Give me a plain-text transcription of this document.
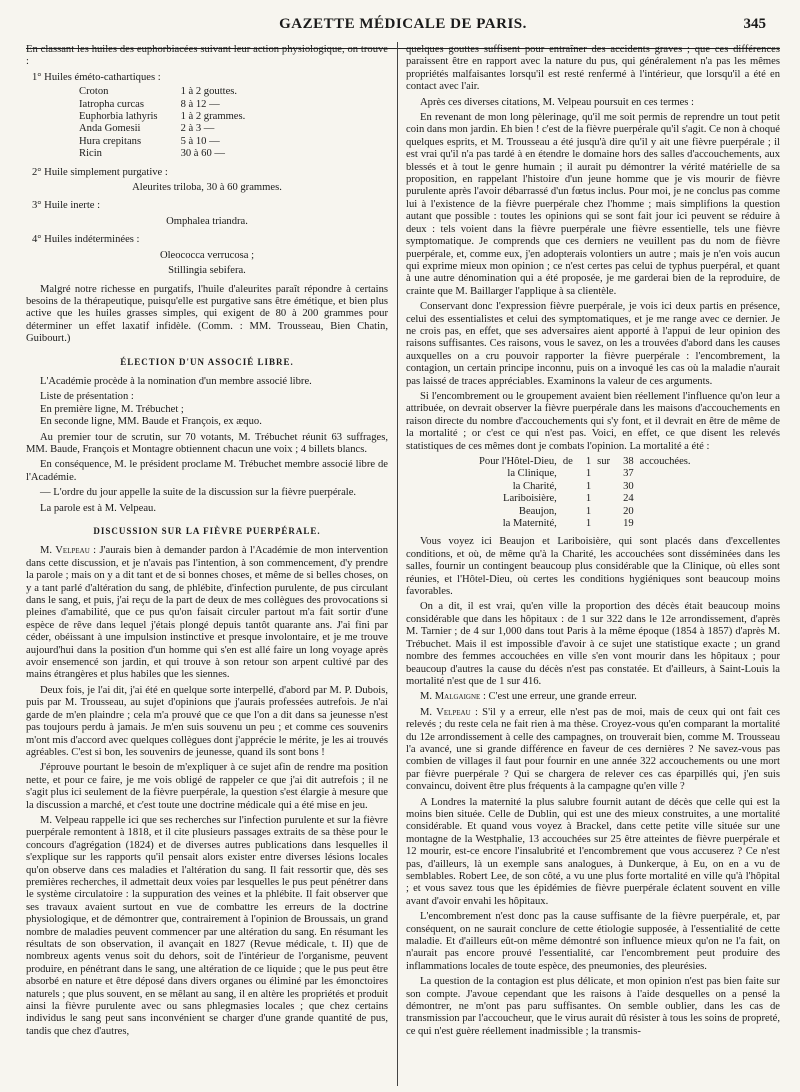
GAZETTE MÉDICALE DE PARIS.	345

En classant les huiles des euphorbiacées suivant leur action physiologique, on trouve :

1° Huiles éméto-cathartiques :

Croton	1 à 2 gouttes.
Iatropha curcas	8 à 12 —
Euphorbia lathyris	1 à 2 grammes.
Anda Gomesii	2 à 3 —
Hura crepitans	5 à 10 —
Ricin	30 à 60 —

2° Huile simplement purgative :

Aleurites triloba, 30 à 60 grammes.

3° Huile inerte :

Omphalea triandra.

4° Huiles indéterminées :

Oleococca verrucosa ;

Stillingia sebifera.

Malgré notre richesse en purgatifs, l'huile d'aleurites paraît répondre à certains besoins de la thérapeutique, puisqu'elle est purgative sans être émétique, et bien plus active que les huiles grasses simples, qui exigent de 80 à 200 grammes pour déterminer un effet laxatif infidèle. (Comm. : MM. Trousseau, Bien Chatin, Guibourt.)

ÉLECTION D'UN ASSOCIÉ LIBRE.

L'Académie procède à la nomination d'un membre associé libre.

Liste de présentation :

En première ligne, M. Trébuchet ;

En seconde ligne, MM. Baude et François, ex æquo.

Au premier tour de scrutin, sur 70 votants, M. Trébuchet réunit 63 suffrages, MM. Baude, François et Montagre obtiennent chacun une voix ; 4 billets blancs.

En conséquence, M. le président proclame M. Trébuchet membre associé libre de l'Académie.

— L'ordre du jour appelle la suite de la discussion sur la fièvre puerpérale.

La parole est à M. Velpeau.

DISCUSSION SUR LA FIÈVRE PUERPÉRALE.

M. Velpeau : J'aurais bien à demander pardon à l'Académie de mon intervention dans cette discussion, et je n'avais pas l'intention, à son commencement, d'y prendre la parole ; mais on y a dit tant et de si bonnes choses, et même de si belles choses, on y a tant parlé d'altération du sang, de phlébite, d'infection purulente, de pus circulant dans le sang, et puis, j'ai reçu de la part de deux de mes collègues des provocations si pleines d'amabilité, que ce pus qu'on faisait circuler partout m'a fait sortir d'une espèce de rêve dans lequel j'étais plongé depuis tantôt quarante ans. J'ai fini par céder, obéissant à une impulsion instinctive et presque involontaire, et je me trouve aujourd'hui dans la position d'un homme qui s'en est allé faire un long voyage après avoir ensemencé son jardin, et qui trouve à son retour son arpent cultivé par des mains étrangères et plus habiles que les siennes.

Deux fois, je l'ai dit, j'ai été en quelque sorte interpellé, d'abord par M. P. Dubois, puis par M. Trousseau, au sujet d'opinions que j'aurais professées autrefois. Je n'ai garde de m'en plaindre ; cela m'a prouvé que ce que l'on a dit dans sa jeunesse n'est pas toujours perdu à jamais. Je m'en suis souvenu un peu ; et comme ces souvenirs m'ont mis d'accord avec quelques collègues dont j'apprécie le mérite, je les ai trouvés agréables. C'est si bon, les souvenirs de jeunesse, quand ils sont bons !

J'éprouve pourtant le besoin de m'expliquer à ce sujet afin de rendre ma position nette, et pour ce faire, je me vois obligé de rappeler ce que j'ai dit autrefois ; il ne s'agit plus ici seulement de la fièvre puerpérale, la question s'est élargie à mesure que la discussion a marché, et c'est toute une doctrine médicale qui a été mise en jeu.

M. Velpeau rappelle ici que ses recherches sur l'infection purulente et sur la fièvre puerpérale remontent à 1818, et il cite plusieurs passages extraits de sa thèse pour le concours d'agrégation (1824) et de diverses autres publications dans lesquelles il s'explique sur les rapports qu'il pensait alors exister entre diverses lésions locales qu'on observe dans ces maladies et l'altération du sang. Il fait ressortir que, dès ses premières recherches, il admettait deux voies par lesquelles le pus peut pénétrer dans le système circulatoire : la suppuration des veines et la phlébite. Il fait observer que ses travaux avaient surtout en vue de combattre les erreurs de la doctrine physiologique, et de démontrer que, contrairement à l'opinion de Broussais, un grand nombre de maladies peuvent commencer par une altération du sang. En résumant les résultats de son observation, il avançait en 1827 (Revue médicale, t. II) que de nombreux agents venus soit du dehors, soit de l'intérieur de l'organisme, peuvent produire, en pénétrant dans le sang, une altération de ce liquide ; que le pus peut être absorbé en nature et être déposé dans divers organes ou éliminé par les émonctoires naturels ; que plus souvent, en se mêlant au sang, il en altère les propriétés et produit ainsi la fièvre purulente avec ou sans phlegmasies locales ; que chez certains individus le sang peut sans inconvénient se charger d'une grande quantité de pus, tandis que chez d'autres,

quelques gouttes suffisent pour entraîner des accidents graves ; que ces différences paraissent être en rapport avec la nature du pus, qui généralement n'a pas les mêmes propriétés malfaisantes lorsqu'il est resté renfermé à l'intérieur, que lorsqu'il a été en contact avec l'air.

Après ces diverses citations, M. Velpeau poursuit en ces termes :

En revenant de mon long pèlerinage, qu'il me soit permis de reprendre un tout petit coin dans mon jardin. Eh bien ! c'est de la fièvre puerpérale qu'il s'agit. Ce non à choqué quelques esprits, et M. Trousseau a été jusqu'à dire qu'il y ait une fièvre puerpérale ; il est vrai qu'il n'a pas tardé à en étendre le domaine hors des salles d'accouchements, aux blessés et à tout le genre humain ; il aurait pu démontrer la vérité matérielle de sa proposition, en rappelant l'histoire d'un jeune homme que je vis mourir de fièvre purulente après l'avoir débarrassé d'un fœtus inclus. Pour moi, je ne conclus pas comme lui à l'existence de la fièvre puerpérale chez l'homme ; mais simplifions la question autant que possible : toutes les opinions qui se sont fait jour ici peuvent se réduire à deux : tels voient dans la fièvre puerpérale une fièvre essentielle, tels une fièvre symptomatique. Je comprends que ces derniers ne veuillent pas du nom de fièvre puerpérale, et, comme eux, j'en adopterais volontiers un autre ; mais je n'en vois aucun qui exprime mieux mon opinion ; ce n'est certes pas celui de typhus puerpéral, et quant à une autre dénomination qui a été proposée, je me garderai bien de la reproduire, de crainte que M. Baillarger l'applique à sa clientèle.

Conservant donc l'expression fièvre puerpérale, je vois ici deux partis en présence, celui des essentialistes et celui des symptomatiques, et je me range avec ce dernier. Je ne crois pas, en effet, que ses adversaires aient apporté à l'appui de leur opinion des raisons suffisantes. Ces raisons, vous le savez, on les a trouvées d'abord dans les causes auxquelles on a cru pouvoir rapporter la fièvre puerpérale : l'encombrement, la contagion, un certain principe inconnu, puis on a invoqué les cas où la maladie n'aurait pas laissé de traces appréciables. Examinons la valeur de ces arguments.

Si l'encombrement ou le groupement avaient bien réellement l'influence qu'on leur a attribuée, on devrait observer la fièvre puerpérale dans les maisons d'accouchements en raison directe du nombre d'accouchements qui s'y font, et il devrait en être de même de la mortalité ; or c'est ce qui n'est pas. Voici, en effet, ce que disent les relevés statistiques de ces mêmes dont je combats l'opinion. La mortalité a été :

Pour l'Hôtel-Dieu,	de	1	sur	38	accouchées.
la Clinique,		1		37	
la Charité,		1		30	
Lariboisière,		1		24	
Beaujon,		1		20	
la Maternité,		1		19	

Vous voyez ici Beaujon et Lariboisière, qui sont placés dans d'excellentes conditions, et où, de même qu'à la Charité, les accouchées sont disséminées dans les salles, fournir un contingent beaucoup plus considérable que la Clinique, où elles sont réunies, et l'Hôtel-Dieu, où certes les conditions hygiéniques sont beaucoup moins favorables.

On a dit, il est vrai, qu'en ville la proportion des décès était beaucoup moins considérable que dans les hôpitaux : de 1 sur 322 dans le 12e arrondissement, d'après M. Tarnier ; de 4 sur 1,000 dans tout Paris à la même époque (1854 à 1857) d'après M. Trébuchet. Mais il est impossible d'avoir à ce sujet une statistique exacte ; un grand nombre des femmes accouchées en ville s'en vont mourir dans les hôpitaux ; pour beaucoup d'autres la cause du décès n'est pas constatée. Et d'ailleurs, à Saint-Louis la mortalité n'est que de 1 sur 416.

M. Malgaigne : C'est une erreur, une grande erreur.

M. Velpeau : S'il y a erreur, elle n'est pas de moi, mais de ceux qui ont fait ces relevés ; du reste cela ne fait rien à ma thèse. Croyez-vous qu'en comparant la mortalité du 12e arrondissement à celle des campagnes, on trouverait bien, comme M. Trousseau l'a avancé, une si grande différence en faveur de ces dernières ? Ne savez-vous pas combien de villages il faut pour fournir en une année 322 accouchements ou une mort par fièvre puerpérale ? Qui se chargera de relever ces cas éparpillés qui, j'en suis convaincu, doivent être plus fréquents à la campagne qu'en ville ?

A Londres la maternité la plus salubre fournit autant de décès que celle qui est la moins bien située. Celle de Dublin, qui est une des mieux construites, a une mortalité considérable. Et quand vous voyez à Brackel, dans cette petite ville située sur une montagne de la Westphalie, 13 accouchées sur 25 être atteintes de fièvre puerpérale et 12 mourir, est-ce encore l'insalubrité et l'encombrement que vous accuserez ? Ce n'est pas, d'ailleurs, là un exemple sans analogues, à Dunkerque, à Eu, on en a vu de semblables. Robert Lee, de son côté, a vu une plus forte mortalité en ville qu'à l'hôpital ; et vous savez tous que les épidémies de fièvre puerpérale éclatent souvent en ville avant d'avoir envahi les hôpitaux.

L'encombrement n'est donc pas la cause suffisante de la fièvre puerpérale, et, par conséquent, on ne saurait conclure de cette étiologie supposée, à l'essentialité de cette maladie. Et d'ailleurs eût-on même démontré son influence mieux qu'on ne l'a fait, on n'aurait pas encore prouvé l'essentialité, car l'encombrement peut produire des inflammations locales de toute espèce, des pneumonies, des pleurésies.

La question de la contagion est plus délicate, et mon opinion n'est pas bien faite sur son compte. J'avoue cependant que les raisons à l'aide desquelles on a pensé la démontrer, ne m'ont pas paru suffisantes. On semble oublier, dans les cas de transmission par l'accoucheur, que le virus aurait dû résister à tous les soins de propreté, ce qui n'est guère réellement inadmissible ; la transmis-
